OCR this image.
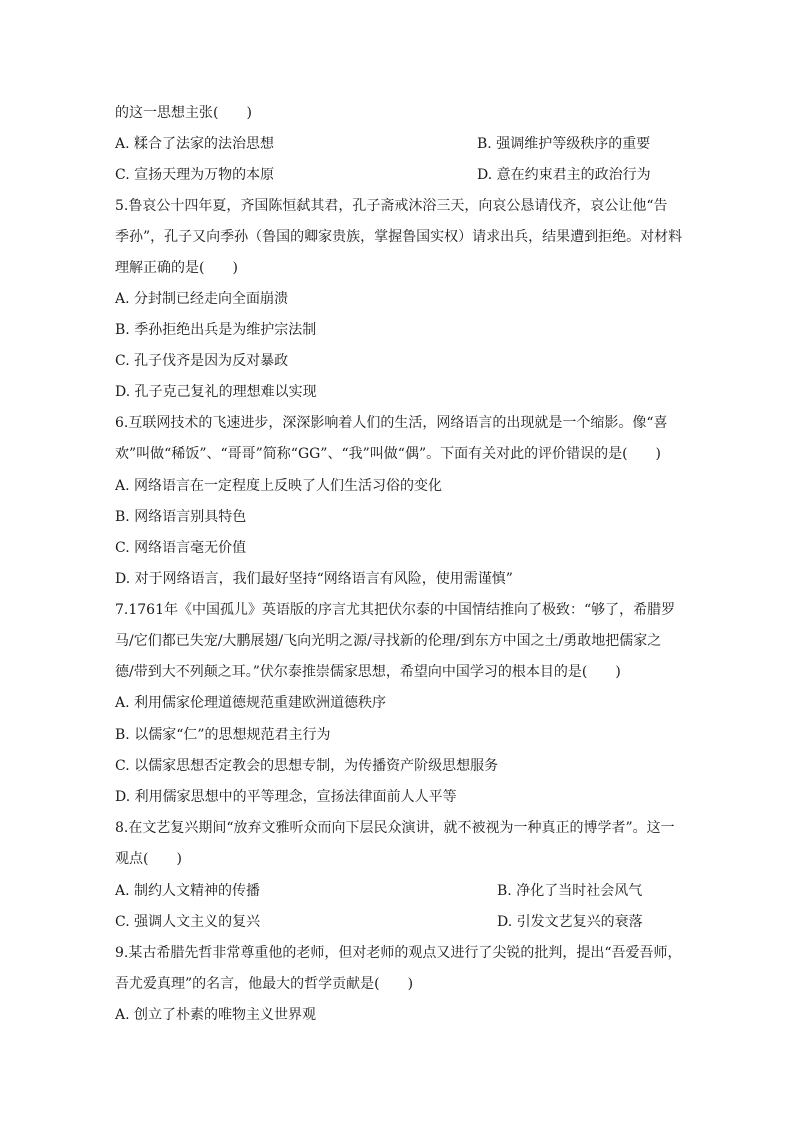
的这一思想主张(　　)
A. 糅合了法家的法治思想	B. 强调维护等级秩序的重要
C. 宣扬天理为万物的本原	D. 意在约束君主的政治行为
5.鲁哀公十四年夏，齐国陈恒弑其君，孔子斋戒沐浴三天，向哀公恳请伐齐，哀公让他“告
季孙”，孔子又向季孙（鲁国的卿家贵族，掌握鲁国实权）请求出兵，结果遭到拒绝。对材料
理解正确的是(　　)
A. 分封制已经走向全面崩溃
B. 季孙拒绝出兵是为维护宗法制
C. 孔子伐齐是因为反对暴政
D. 孔子克己复礼的理想难以实现
6.互联网技术的飞速进步，深深影响着人们的生活，网络语言的出现就是一个缩影。像“喜
欢”叫做“稀饭”、“哥哥”简称“GG”、“我”叫做“偶”。下面有关对此的评价错误的是(　　)
A. 网络语言在一定程度上反映了人们生活习俗的变化
B. 网络语言别具特色
C. 网络语言毫无价值
D. 对于网络语言，我们最好坚持“网络语言有风险，使用需谨慎”
7.1761年《中国孤儿》英语版的序言尤其把伏尔泰的中国情结推向了极致：“够了，希腊罗
马/它们都已失宠/大鹏展翅/飞向光明之源/寻找新的伦理/到东方中国之土/勇敢地把儒家之
德/带到大不列颠之耳。”伏尔泰推崇儒家思想，希望向中国学习的根本目的是(　　)
A. 利用儒家伦理道德规范重建欧洲道德秩序
B. 以儒家“仁”的思想规范君主行为
C. 以儒家思想否定教会的思想专制，为传播资产阶级思想服务
D. 利用儒家思想中的平等理念，宣扬法律面前人人平等
8.在文艺复兴期间“放弃文雅听众而向下层民众演讲，就不被视为一种真正的博学者”。这一
观点(　　)
A. 制约人文精神的传播	B. 净化了当时社会风气
C. 强调人文主义的复兴	D. 引发文艺复兴的衰落
9.某古希腊先哲非常尊重他的老师，但对老师的观点又进行了尖锐的批判，提出“吾爱吾师，
吾尤爱真理”的名言，他最大的哲学贡献是(　　)
A. 创立了朴素的唯物主义世界观
